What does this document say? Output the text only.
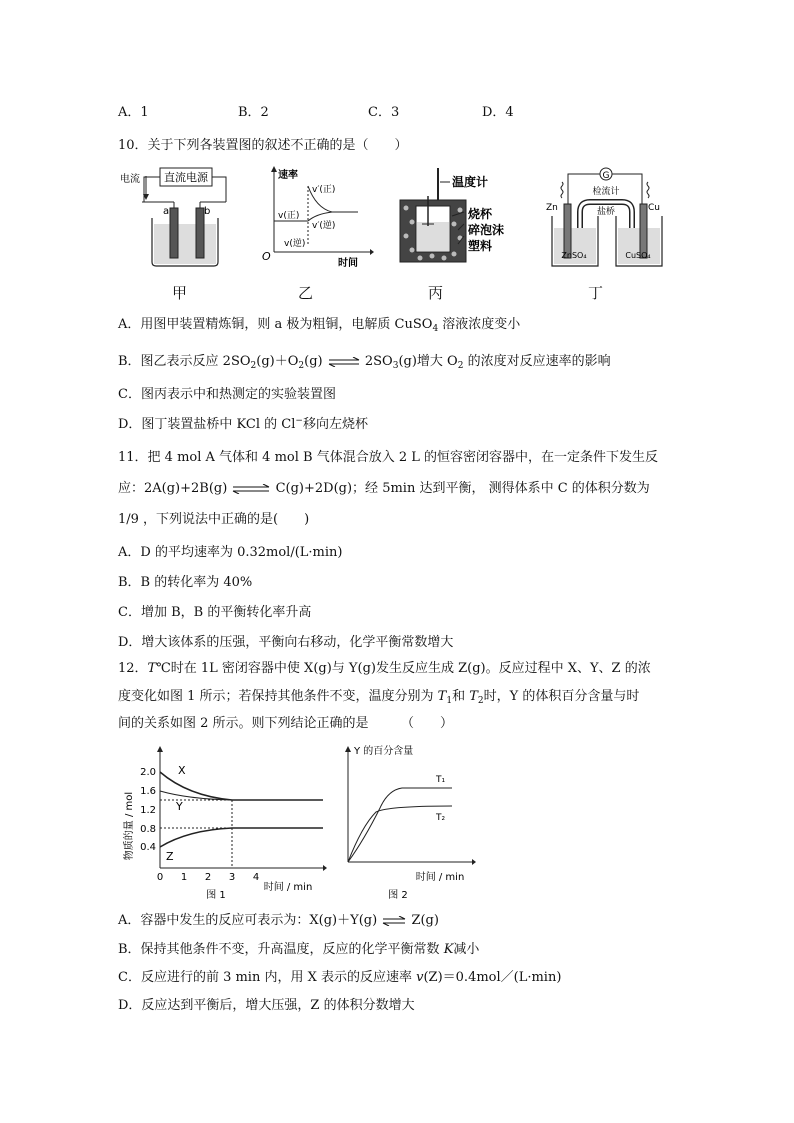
A．1	B．2	C．3	D．4
10．关于下列各装置图的叙述不正确的是（　　）
直流电源
电流
a	b
甲
速率
时间
O
v′(正)
v(正)
v′(逆)
v(逆)
乙
温度计
烧杯
碎泡沫
塑料
丙
G
检流计
盐桥
Zn	Cu
ZnSO₄	CuSO₄
丁
A．用图甲装置精炼铜，则 a 极为粗铜，电解质 CuSO$_4$ 溶液浓度变小
B．图乙表示反应 $2SO_2(g)+O_2(g)$ ⇌ $2SO_3(g)$增大 $O_2$ 的浓度对反应速率的影响
C．图丙表示中和热测定的实验装置图
D．图丁装置盐桥中 KCl 的 Cl−移向左烧杯
11．把 4 mol A 气体和 4 mol B 气体混合放入 2 L 的恒容密闭容器中，在一定条件下发生反
应：2A(g)+2B(g) ⇌ C(g)+2D(g)；经 5min 达到平衡， 测得体系中 C 的体积分数为
1/9 ，下列说法中正确的是(　　)
A．D 的平均速率为 0.32mol/(L·min)
B．B 的转化率为 40%
C．增加 B，B 的平衡转化率升高
D．增大该体系的压强，平衡向右移动，化学平衡常数增大
12．T℃时在 1L 密闭容器中使 X(g)与 Y(g)发生反应生成 Z(g)。反应过程中 X、Y、Z 的浓
度变化如图 1 所示；若保持其他条件不变，温度分别为 $T_1$和 $T_2$时，Y 的体积百分含量与时
间的关系如图 2 所示。则下列结论正确的是　　　（　　）
物质的量 / mol
2.0
1.6
1.2
0.8
0.4
0 1 2 3 4
X
Y
Z
时间 / min
图 1
Y 的百分含量
T₁
T₂
时间 / min
图 2
A．容器中发生的反应可表示为：X(g)＋Y(g) ⇌ Z(g)
B．保持其他条件不变，升高温度，反应的化学平衡常数 K减小
C．反应进行的前 3 min 内，用 X 表示的反应速率 v(Z)＝0.4mol／(L·min)
D．反应达到平衡后，增大压强，Z 的体积分数增大
